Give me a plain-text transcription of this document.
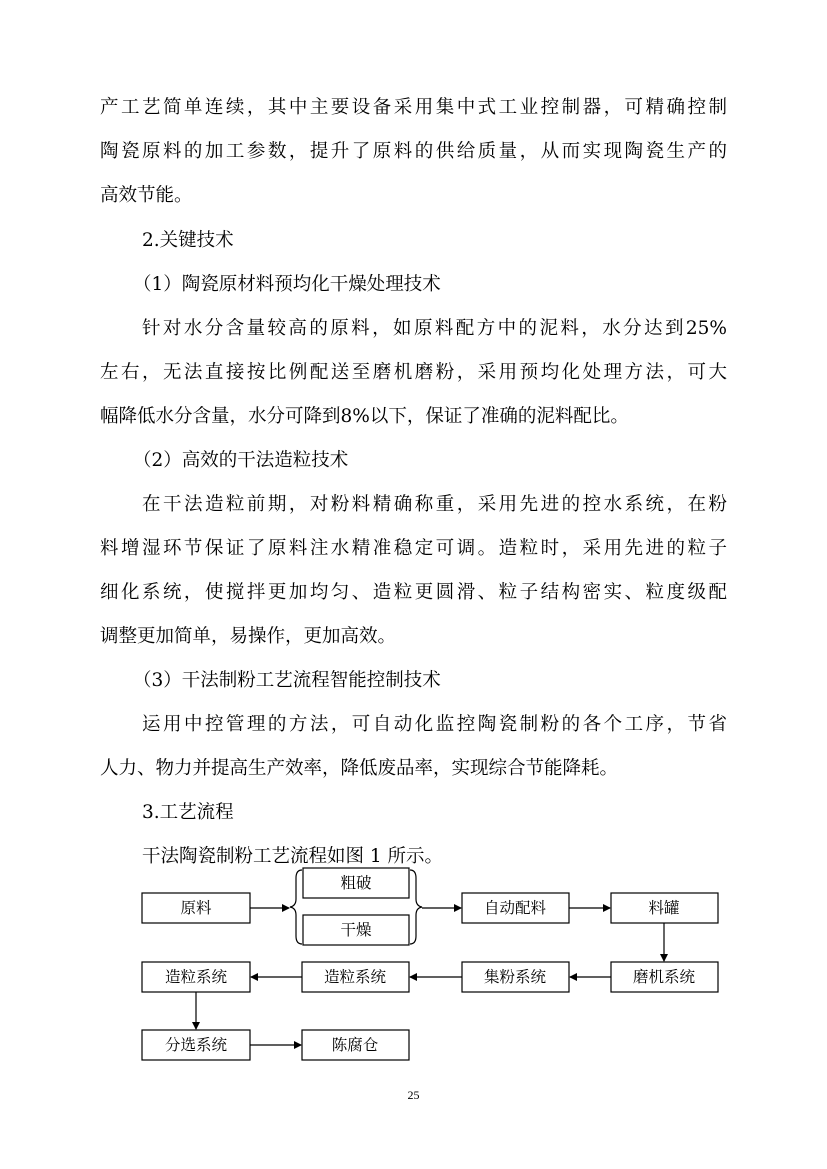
产工艺简单连续，其中主要设备采用集中式工业控制器，可精确控制
陶瓷原料的加工参数，提升了原料的供给质量，从而实现陶瓷生产的
高效节能。
2.关键技术
（1）陶瓷原材料预均化干燥处理技术
针对水分含量较高的原料，如原料配方中的泥料，水分达到25%
左右，无法直接按比例配送至磨机磨粉，采用预均化处理方法，可大
幅降低水分含量，水分可降到8%以下，保证了准确的泥料配比。
（2）高效的干法造粒技术
在干法造粒前期，对粉料精确称重，采用先进的控水系统，在粉
料增湿环节保证了原料注水精准稳定可调。造粒时，采用先进的粒子
细化系统，使搅拌更加均匀、造粒更圆滑、粒子结构密实、粒度级配
调整更加简单，易操作，更加高效。
（3）干法制粉工艺流程智能控制技术
运用中控管理的方法，可自动化监控陶瓷制粉的各个工序，节省
人力、物力并提高生产效率，降低废品率，实现综合节能降耗。
3.工艺流程
干法陶瓷制粉工艺流程如图 1 所示。
原料
粗破
干燥
自动配料	料罐
磨机系统
集粉系统
造粒系统
造粒系统
分选系统	陈腐仓
25
